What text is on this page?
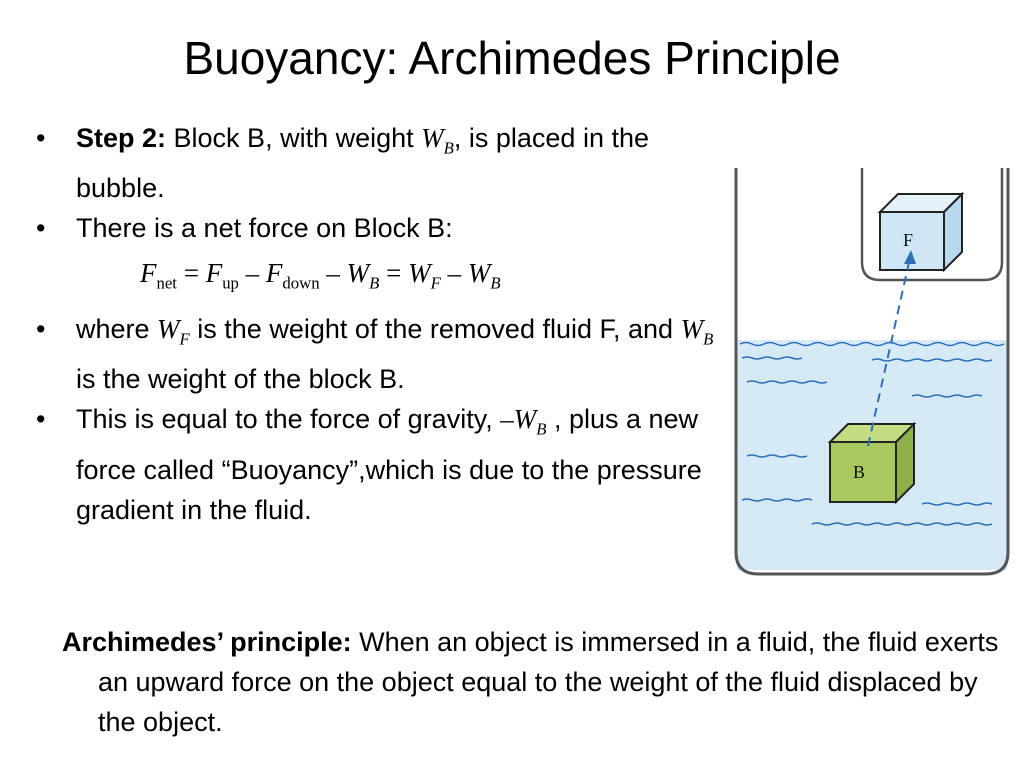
Buoyancy: Archimedes Principle
• Step 2: Block B, with weight $W_B$, is placed in the bubble.
• There is a net force on Block B:
$F_{net} = F_{up} - F_{down} - W_B = W_F - W_B$
• where $W_F$ is the weight of the removed fluid F, and $W_B$ is the weight of the block B.
• This is equal to the force of gravity, $-W_B$ , plus a new force called “Buoyancy”,which is due to the pressure gradient in the fluid.
F
B
Archimedes’ principle: When an object is immersed in a fluid, the fluid exerts an upward force on the object equal to the weight of the fluid displaced by the object.
